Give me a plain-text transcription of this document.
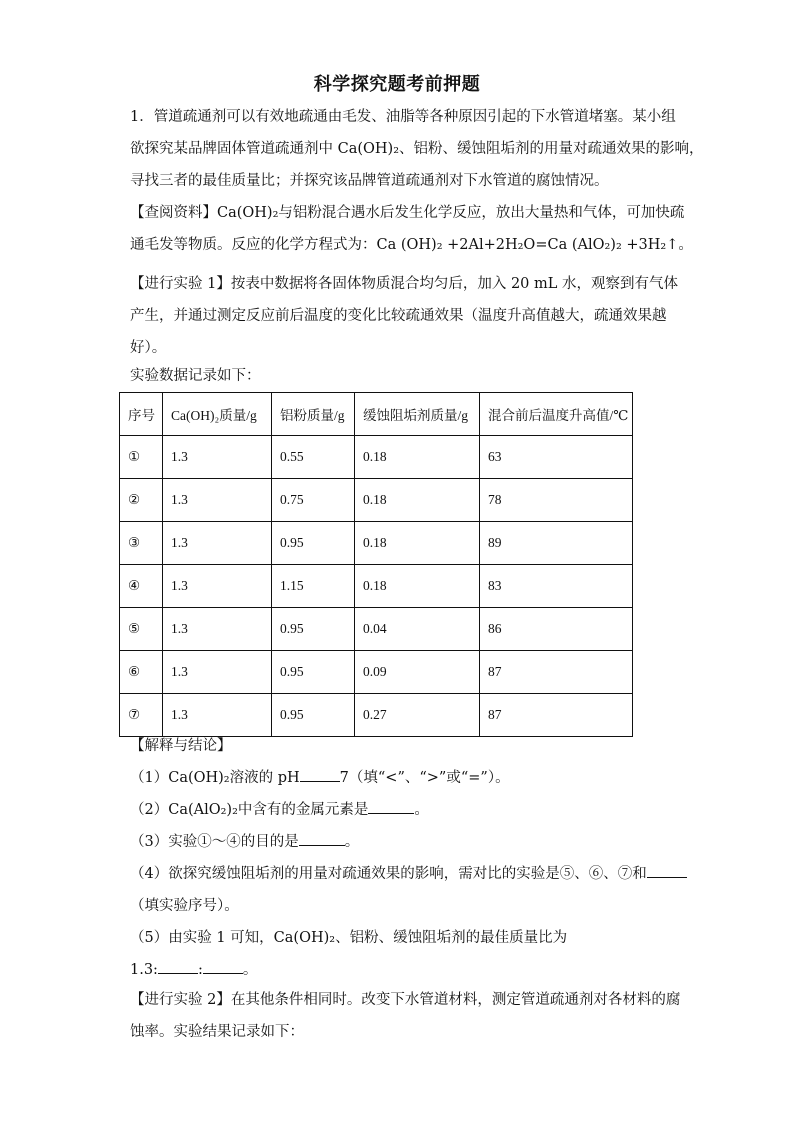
科学探究题考前押题
1．管道疏通剂可以有效地疏通由毛发、油脂等各种原因引起的下水管道堵塞。某小组
欲探究某品牌固体管道疏通剂中 Ca(OH)₂、铝粉、缓蚀阻垢剂的用量对疏通效果的影响，
寻找三者的最佳质量比；并探究该品牌管道疏通剂对下水管道的腐蚀情况。
【查阅资料】Ca(OH)₂与铝粉混合遇水后发生化学反应，放出大量热和气体，可加快疏
通毛发等物质。反应的化学方程式为：Ca (OH)₂ +2Al+2H₂O=Ca (AlO₂)₂ +3H₂↑。
【进行实验 1】按表中数据将各固体物质混合均匀后，加入 20 mL 水，观察到有气体
产生，并通过测定反应前后温度的变化比较疏通效果（温度升高值越大，疏通效果越
好）。
实验数据记录如下：
序号	Ca(OH)₂质量/g	铝粉质量/g	缓蚀阻垢剂质量/g	混合前后温度升高值/℃
①	1.3	0.55	0.18	63
②	1.3	0.75	0.18	78
③	1.3	0.95	0.18	89
④	1.3	1.15	0.18	83
⑤	1.3	0.95	0.04	86
⑥	1.3	0.95	0.09	87
⑦	1.3	0.95	0.27	87
【解释与结论】
（1）Ca(OH)₂溶液的 pH	7（填“<”、“>”或“=”）。
（2）Ca(AlO₂)₂中含有的金属元素是	。
（3）实验①～④的目的是	。
（4）欲探究缓蚀阻垢剂的用量对疏通效果的影响，需对比的实验是⑤、⑥、⑦和
（填实验序号）。
（5）由实验 1 可知，Ca(OH)₂、铝粉、缓蚀阻垢剂的最佳质量比为
1.3:	:	。
【进行实验 2】在其他条件相同时。改变下水管道材料，测定管道疏通剂对各材料的腐
蚀率。实验结果记录如下：
